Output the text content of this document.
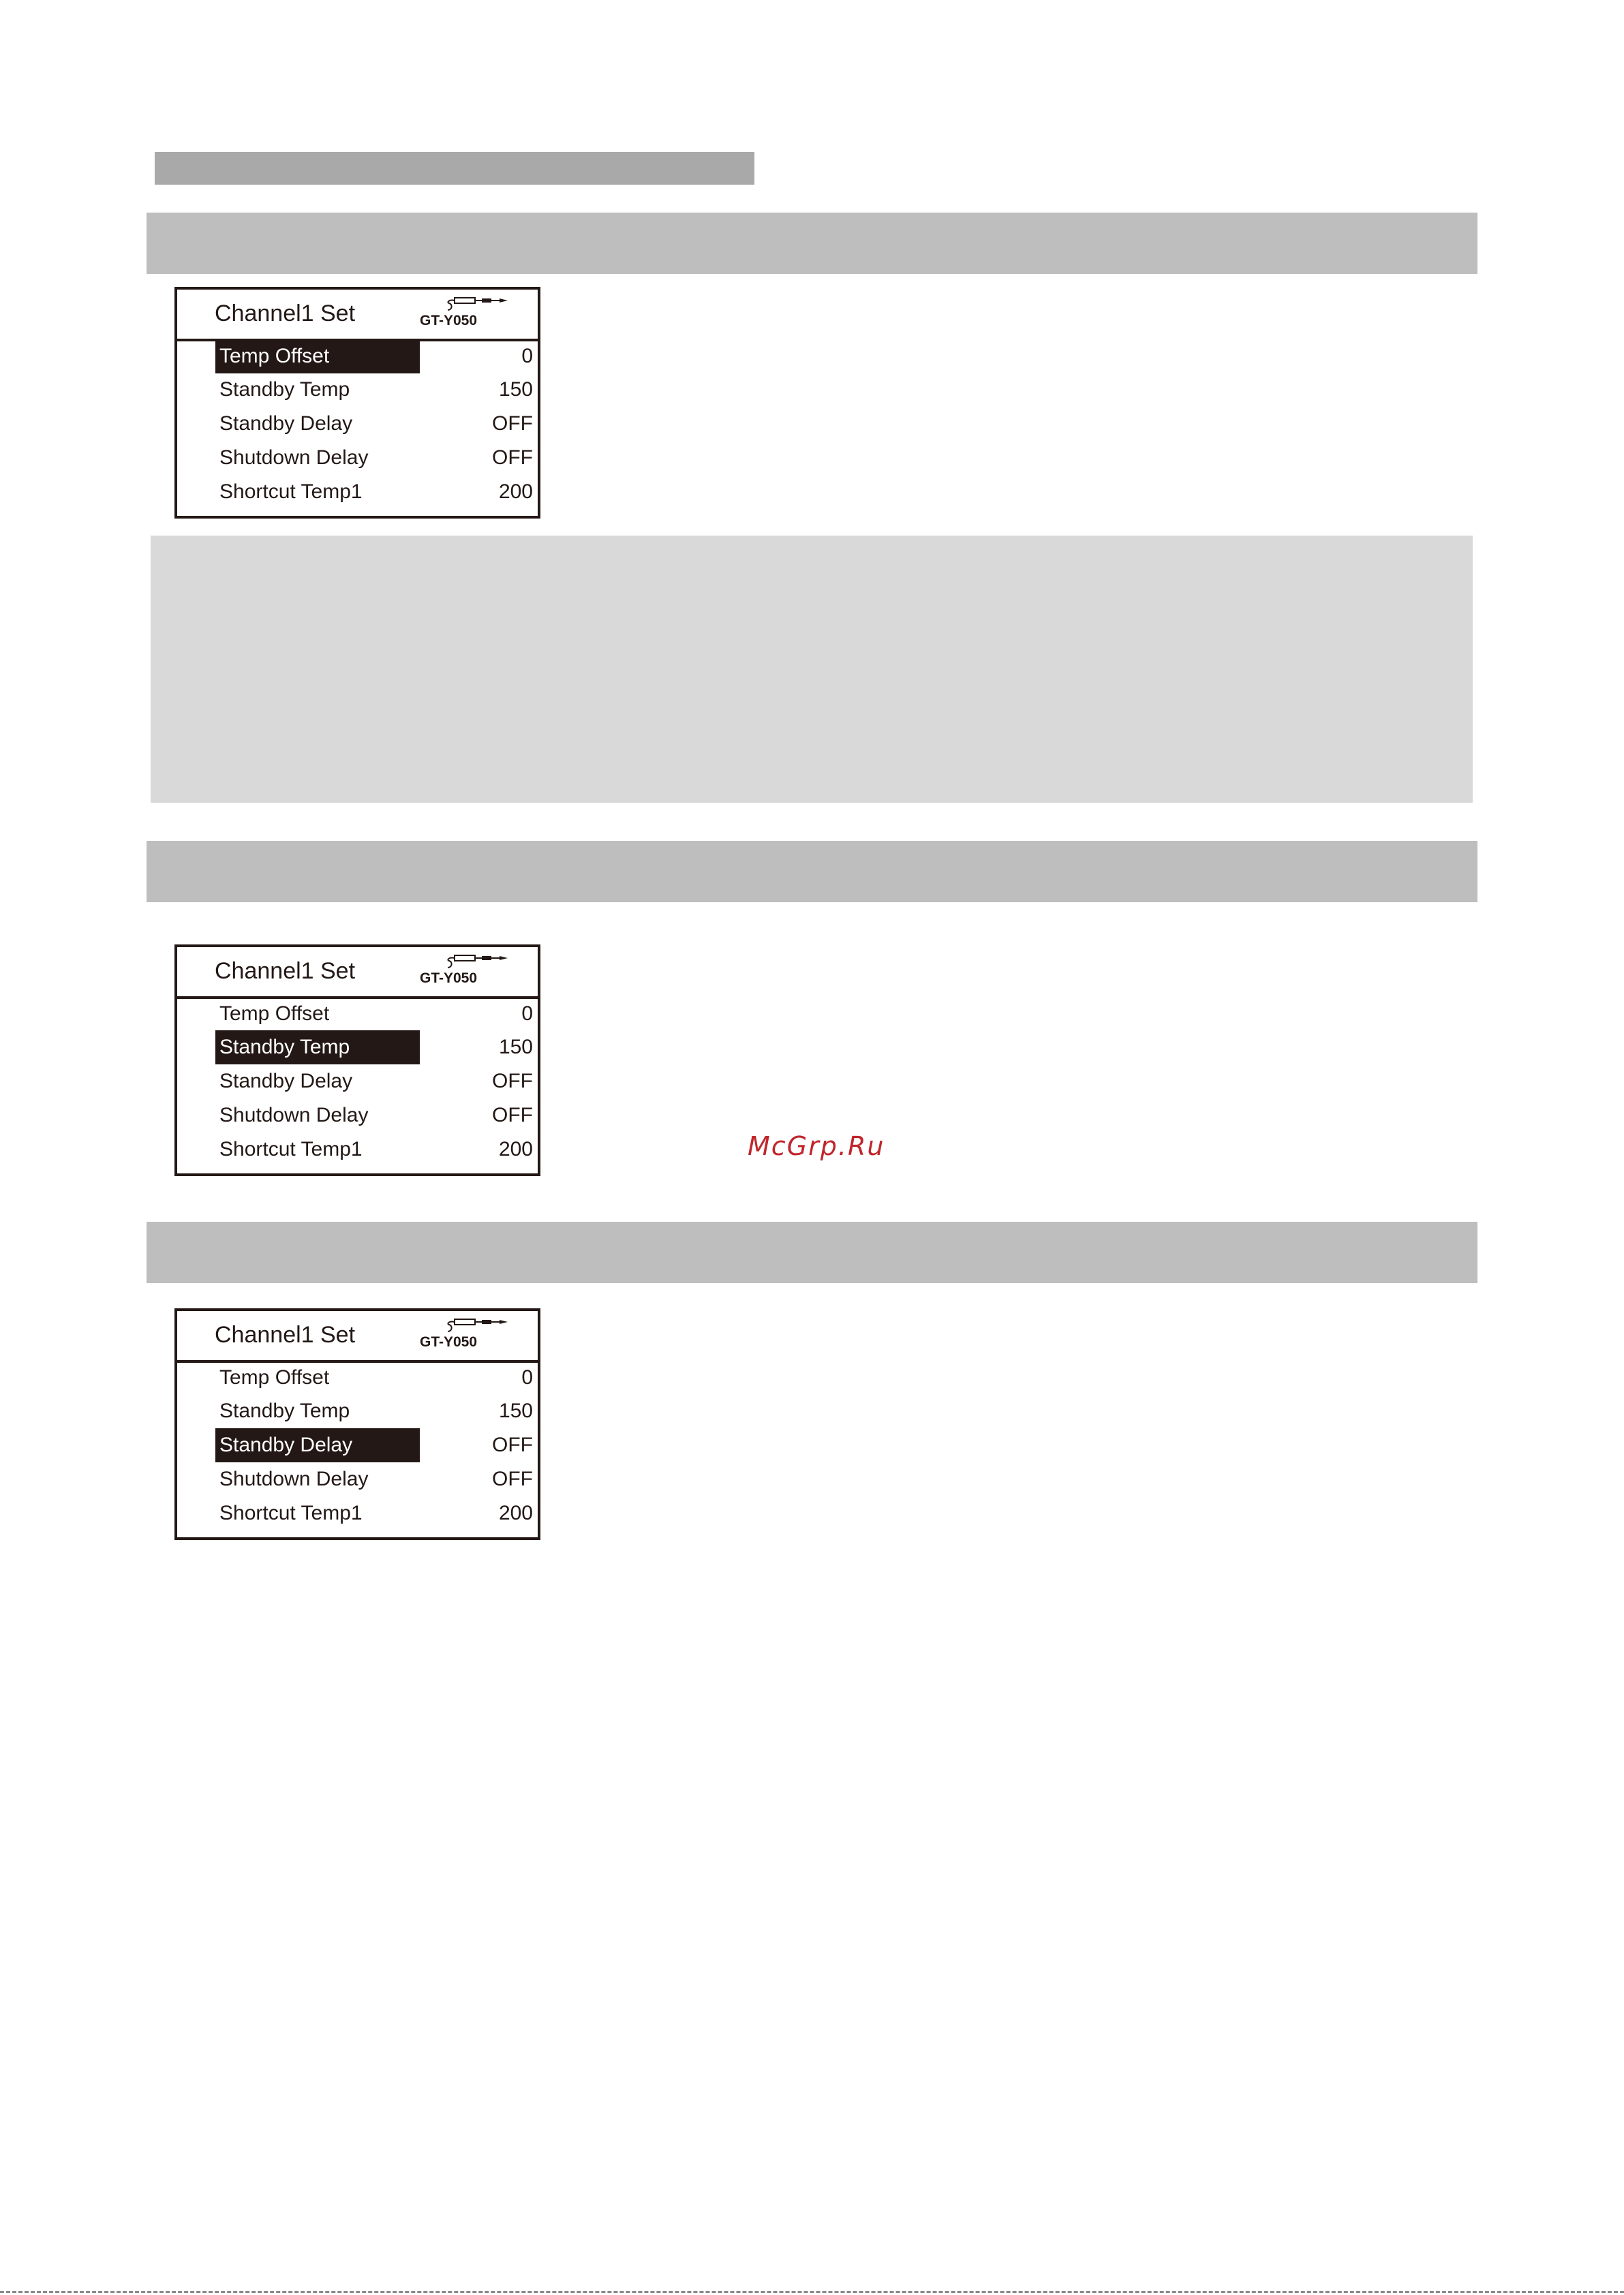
Channel1 Set	GT-Y050
Temp Offset	0
Standby Temp	150
Standby Delay	OFF
Shutdown Delay	OFF
Shortcut Temp1	200
Channel1 Set	GT-Y050
Temp Offset	0
Standby Temp	150
Standby Delay	OFF
Shutdown Delay	OFF
Shortcut Temp1	200	McGrp.Ru
Channel1 Set	GT-Y050
Temp Offset	0
Standby Temp	150
Standby Delay	OFF
Shutdown Delay	OFF
Shortcut Temp1	200
